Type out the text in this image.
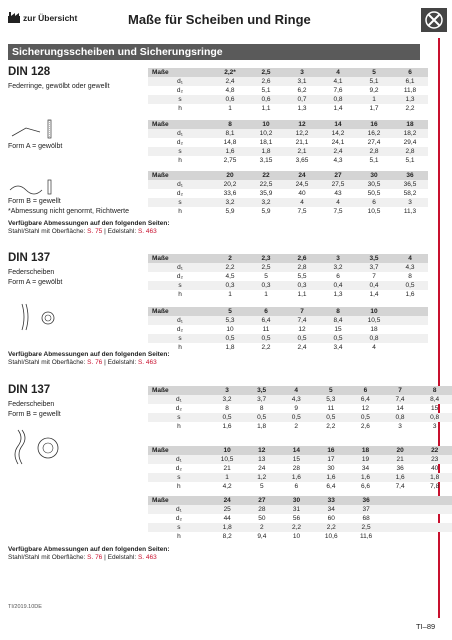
zur Übersicht	Maße für Scheiben und Ringe
Sicherungsscheiben und Sicherungsringe
DIN 128
Federringe, gewölbt oder gewellt
Form A = gewölbt
Form B = gewellt
*Abmessung nicht genormt, Richtwerte
Maße	2,2*	2,5	3	4	5	6
d₁	2,4	2,6	3,1	4,1	5,1	6,1
d₂	4,8	5,1	6,2	7,6	9,2	11,8
s	0,6	0,6	0,7	0,8	1	1,3
h	1	1,1	1,3	1,4	1,7	2,2
Maße	8	10	12	14	16	18
d₁	8,1	10,2	12,2	14,2	16,2	18,2
d₂	14,8	18,1	21,1	24,1	27,4	29,4
s	1,6	1,8	2,1	2,4	2,8	2,8
h	2,75	3,15	3,65	4,3	5,1	5,1
Maße	20	22	24	27	30	36
d₁	20,2	22,5	24,5	27,5	30,5	36,5
d₂	33,6	35,9	40	43	50,5	58,2
s	3,2	3,2	4	4	6	3
h	5,9	5,9	7,5	7,5	10,5	11,3
Verfügbare Abmessungen auf den folgenden Seiten:
Stahl/Stahl mit Oberfläche: S. 75 | Edelstahl: S. 463
DIN 137
Federscheiben
Form A = gewölbt
Maße	2	2,3	2,6	3	3,5	4
d₁	2,2	2,5	2,8	3,2	3,7	4,3
d₂	4,5	5	5,5	6	7	8
s	0,3	0,3	0,3	0,4	0,4	0,5
h	1	1	1,1	1,3	1,4	1,6
Maße	5	6	7	8	10	
d₁	5,3	6,4	7,4	8,4	10,5	
d₂	10	11	12	15	18	
s	0,5	0,5	0,5	0,5	0,8	
h	1,8	2,2	2,4	3,4	4	
Verfügbare Abmessungen auf den folgenden Seiten:
Stahl/Stahl mit Oberfläche: S. 76 | Edelstahl: S. 463
DIN 137
Federscheiben
Form B = gewellt
Maße	3	3,5	4	5	6	7	8
d₁	3,2	3,7	4,3	5,3	6,4	7,4	8,4
d₂	8	8	9	11	12	14	15
s	0,5	0,5	0,5	0,5	0,5	0,8	0,8
h	1,6	1,8	2	2,2	2,6	3	3
Maße	10	12	14	16	18	20	22
d₁	10,5	13	15	17	19	21	23
d₂	21	24	28	30	34	36	40
s	1	1,2	1,6	1,6	1,6	1,6	1,8
h	4,2	5	6	6,4	6,6	7,4	7,8
Maße	24	27	30	33	36		
d₁	25	28	31	34	37		
d₂	44	50	56	60	68		
s	1,8	2	2,2	2,2	2,5		
h	8,2	9,4	10	10,6	11,6		
Verfügbare Abmessungen auf den folgenden Seiten:
Stahl/Stahl mit Oberfläche: S. 76 | Edelstahl: S. 463
TI/2019.10DE
TI–89
